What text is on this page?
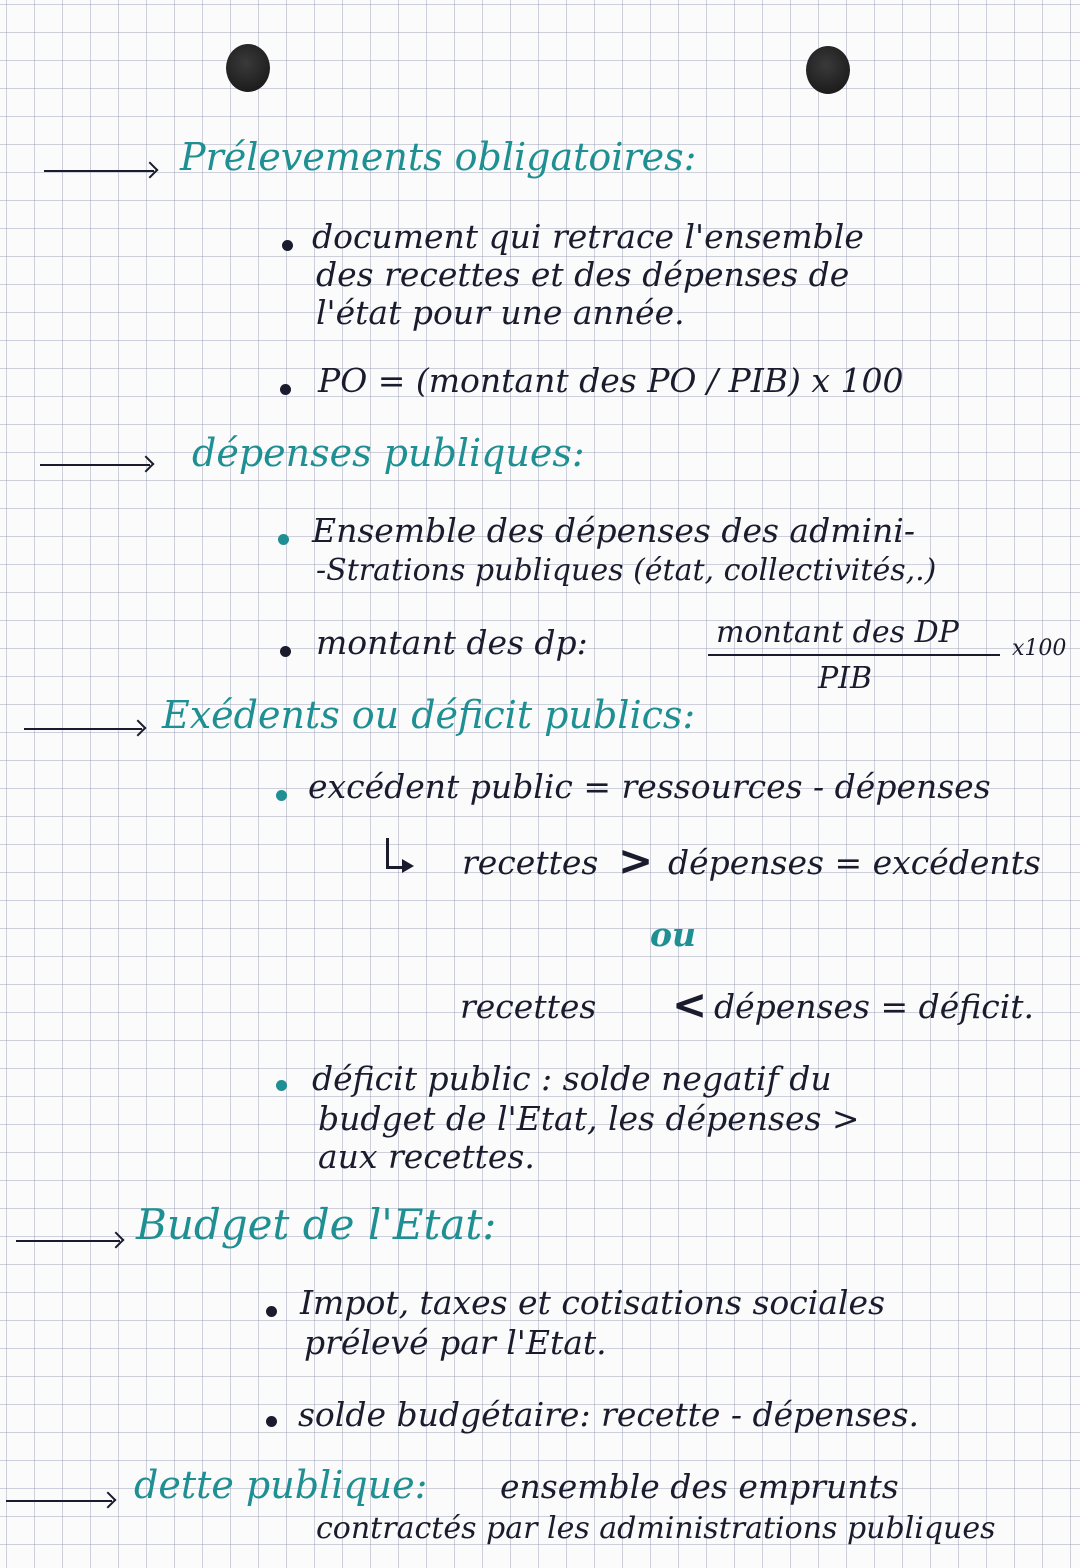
Prélevements obligatoires:

document qui retrace l'ensemble

des recettes et des dépenses de

l'état pour une année.

PO = (montant des PO / PIB) x 100

dépenses publiques:

Ensemble des dépenses des admini-

-Strations publiques (état, collectivités,.)

montant des dp:	montant des DP x100

PIB

Exédents ou déficit publics:

excédent public = ressources - dépenses

recettes > dépenses = excédents

ou

recettes < dépenses = déficit.

déficit public : solde negatif du

budget de l'Etat, les dépenses >

aux recettes.

Budget de l'Etat:

Impot, taxes et cotisations sociales

prélevé par l'Etat.

solde budgétaire: recette - dépenses.

dette publique: ensemble des emprunts

contractés par les administrations publiques
